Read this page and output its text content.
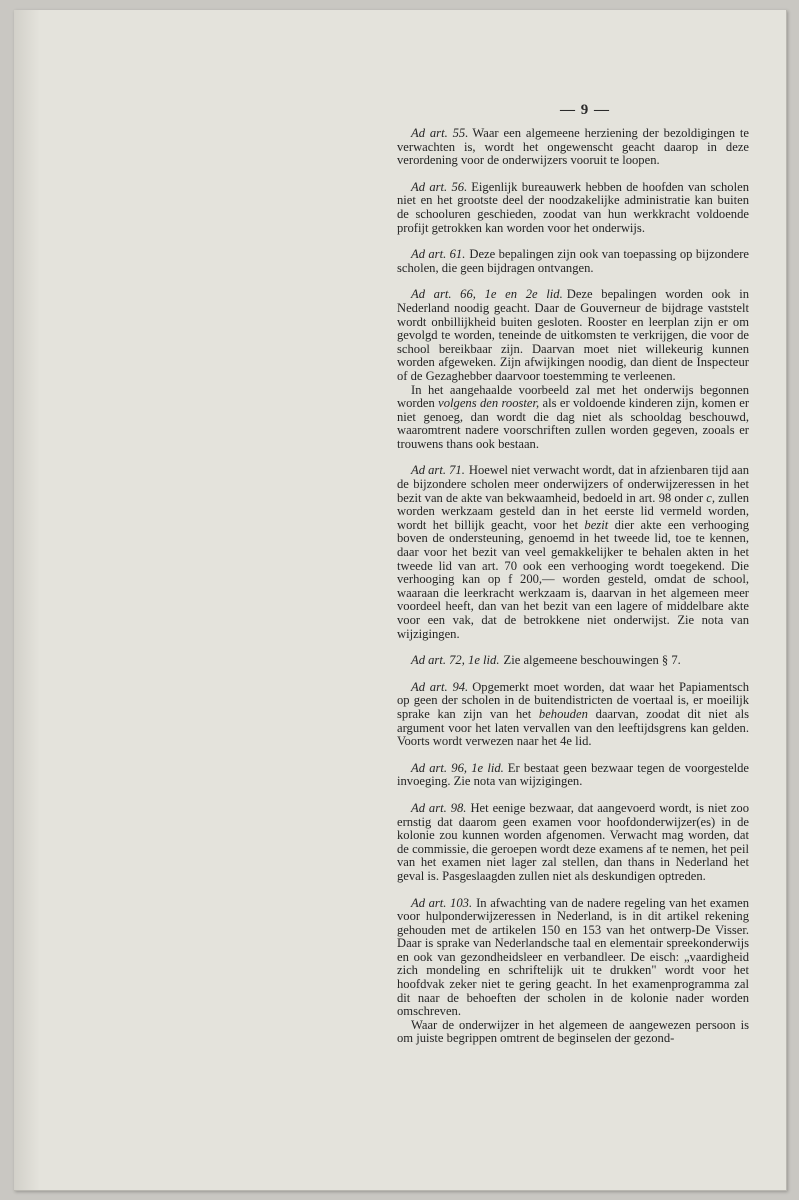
— 9 —

Ad art. 55. Waar een algemeene herziening der bezoldigingen te verwachten is, wordt het ongewenscht geacht daarop in deze verordening voor de onderwijzers vooruit te loopen.

Ad art. 56. Eigenlijk bureauwerk hebben de hoofden van scholen niet en het grootste deel der noodzakelijke administratie kan buiten de schooluren geschieden, zoodat van hun werkkracht voldoende profijt getrokken kan worden voor het onderwijs.

Ad art. 61. Deze bepalingen zijn ook van toepassing op bijzondere scholen, die geen bijdragen ontvangen.

Ad art. 66, 1e en 2e lid. Deze bepalingen worden ook in Nederland noodig geacht. Daar de Gouverneur de bijdrage vaststelt wordt onbillijkheid buiten gesloten. Rooster en leerplan zijn er om gevolgd te worden, teneinde de uitkomsten te verkrijgen, die voor de school bereikbaar zijn. Daarvan moet niet willekeurig kunnen worden afgeweken. Zijn afwijkingen noodig, dan dient de Inspecteur of de Gezaghebber daarvoor toestemming te verleenen.

In het aangehaalde voorbeeld zal met het onderwijs begonnen worden volgens den rooster, als er voldoende kinderen zijn, komen er niet genoeg, dan wordt die dag niet als schooldag beschouwd, waaromtrent nadere voorschriften zullen worden gegeven, zooals er trouwens thans ook bestaan.

Ad art. 71. Hoewel niet verwacht wordt, dat in afzienbaren tijd aan de bijzondere scholen meer onderwijzers of onderwijzeressen in het bezit van de akte van bekwaamheid, bedoeld in art. 98 onder c, zullen worden werkzaam gesteld dan in het eerste lid vermeld worden, wordt het billijk geacht, voor het bezit dier akte een verhooging boven de ondersteuning, genoemd in het tweede lid, toe te kennen, daar voor het bezit van veel gemakkelijker te behalen akten in het tweede lid van art. 70 ook een verhooging wordt toegekend. Die verhooging kan op f 200,— worden gesteld, omdat de school, waaraan die leerkracht werkzaam is, daarvan in het algemeen meer voordeel heeft, dan van het bezit van een lagere of middelbare akte voor een vak, dat de betrokkene niet onderwijst. Zie nota van wijzigingen.

Ad art. 72, 1e lid. Zie algemeene beschouwingen § 7.

Ad art. 94. Opgemerkt moet worden, dat waar het Papiamentsch op geen der scholen in de buitendistricten de voertaal is, er moeilijk sprake kan zijn van het behouden daarvan, zoodat dit niet als argument voor het laten vervallen van den leeftijdsgrens kan gelden. Voorts wordt verwezen naar het 4e lid.

Ad art. 96, 1e lid. Er bestaat geen bezwaar tegen de voorgestelde invoeging. Zie nota van wijzigingen.

Ad art. 98. Het eenige bezwaar, dat aangevoerd wordt, is niet zoo ernstig dat daarom geen examen voor hoofdonderwijzer(es) in de kolonie zou kunnen worden afgenomen. Verwacht mag worden, dat de commissie, die geroepen wordt deze examens af te nemen, het peil van het examen niet lager zal stellen, dan thans in Nederland het geval is. Pasgeslaagden zullen niet als deskundigen optreden.

Ad art. 103. In afwachting van de nadere regeling van het examen voor hulponderwijzeressen in Nederland, is in dit artikel rekening gehouden met de artikelen 150 en 153 van het ontwerp-De Visser. Daar is sprake van Nederlandsche taal en elementair spreekonderwijs en ook van gezondheidsleer en verbandleer. De eisch: „vaardigheid zich mondeling en schriftelijk uit te drukken" wordt voor het hoofdvak zeker niet te gering geacht. In het examenprogramma zal dit naar de behoeften der scholen in de kolonie nader worden omschreven.

Waar de onderwijzer in het algemeen de aangewezen persoon is om juiste begrippen omtrent de beginselen der gezond-
